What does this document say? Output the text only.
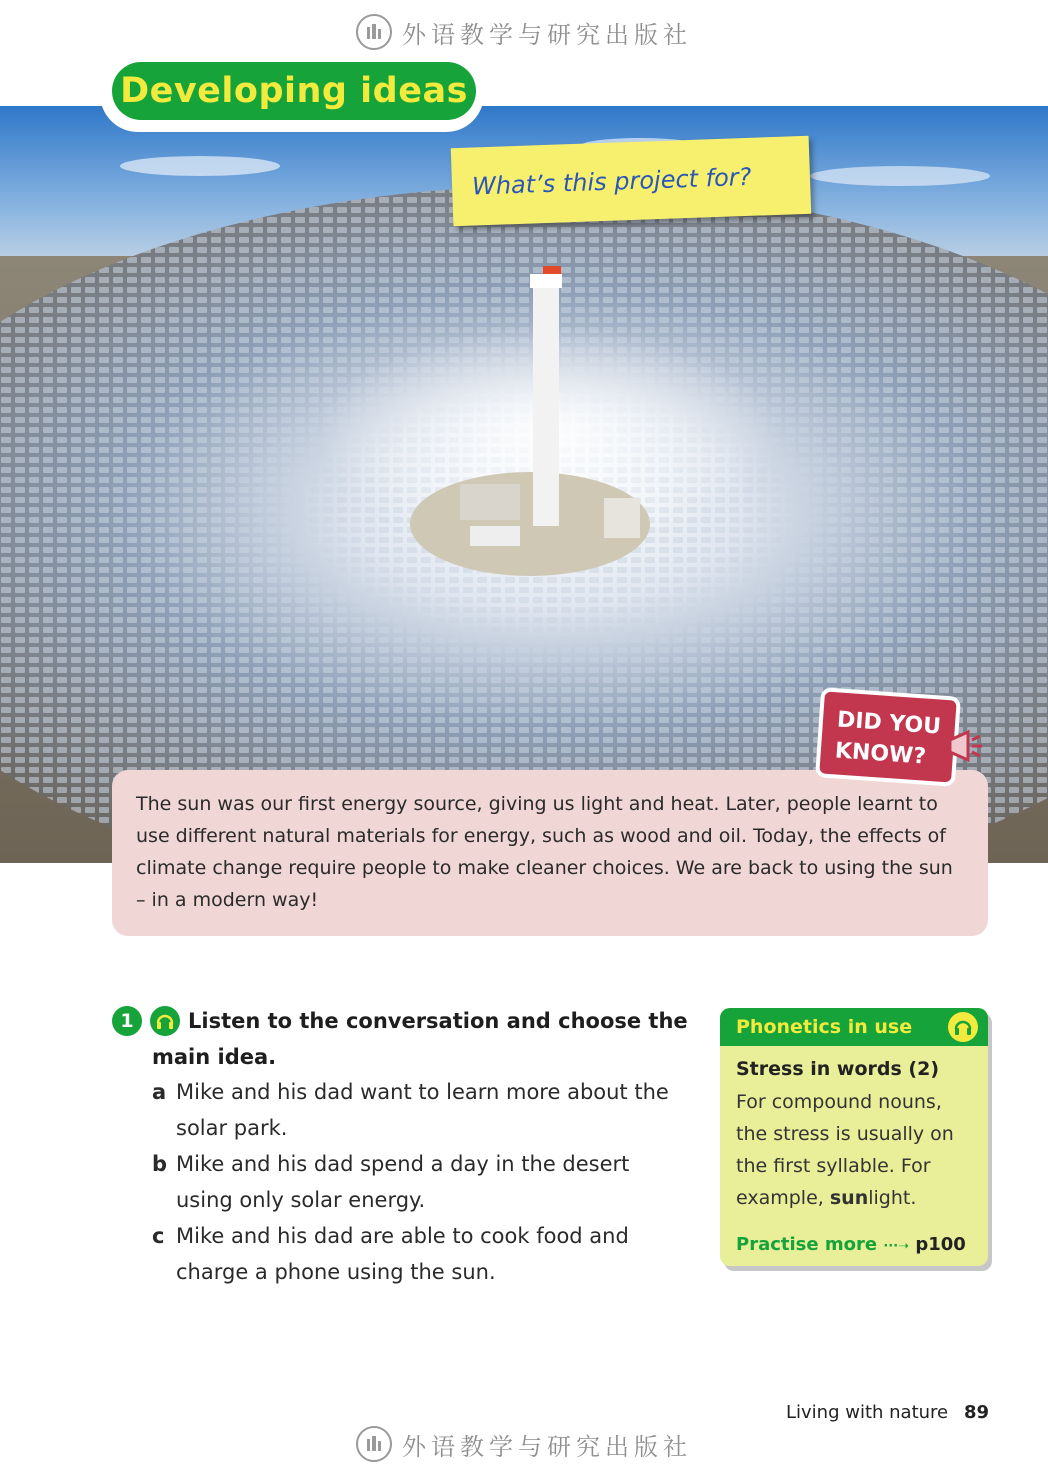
外语教学与研究出版社
Developing ideas
What’s this project for?
The sun was our first energy source, giving us light and heat. Later, people learnt to use different natural materials for energy, such as wood and oil. Today, the effects of climate change require people to make cleaner choices. We are back to using the sun – in a modern way!
DID YOU
KNOW?
1	Listen to the conversation and choose the main idea.
a Mike and his dad want to learn more about the solar park.
b Mike and his dad spend a day in the desert using only solar energy.
c Mike and his dad are able to cook food and charge a phone using the sun.
Phonetics in use
Stress in words (2)
For compound nouns, the stress is usually on the first syllable. For example, sunlight.
Practise more ···➝ p100
Living with nature 89
外语教学与研究出版社
